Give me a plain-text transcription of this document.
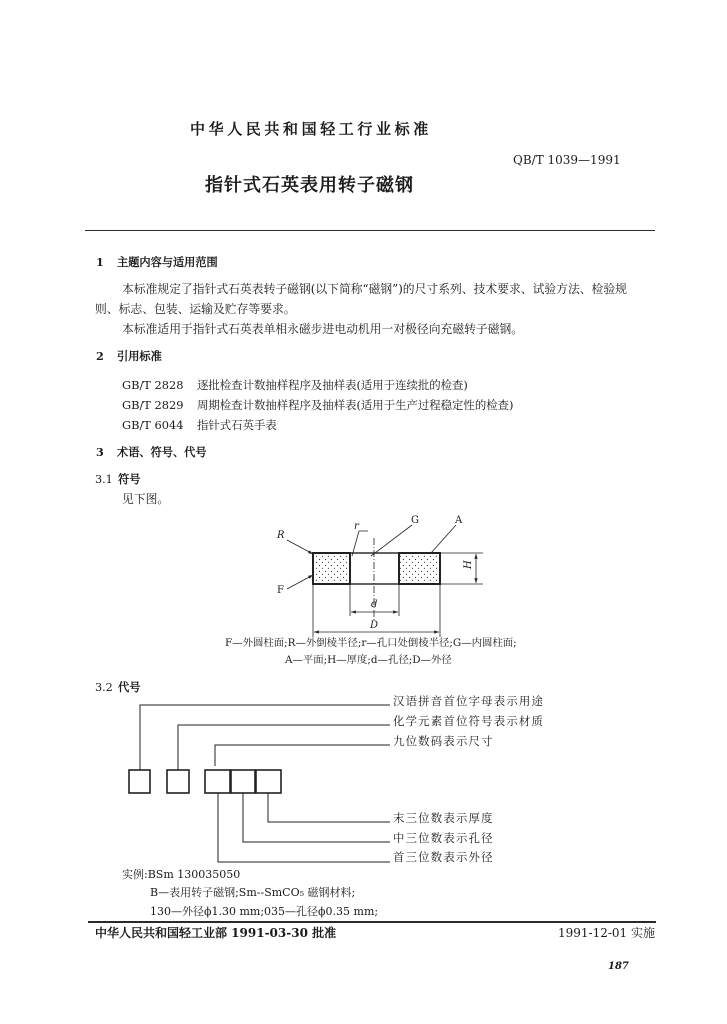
中华人民共和国轻工行业标准
QB/T 1039—1991
指针式石英表用转子磁钢
1 主题内容与适用范围
本标准规定了指针式石英表转子磁钢(以下简称“磁钢”)的尺寸系列、技术要求、试验方法、检验规
则、标志、包装、运输及贮存等要求。
本标准适用于指针式石英表单相永磁步进电动机用一对极径向充磁转子磁钢。
2 引用标准
GB/T 2828 逐批检查计数抽样程序及抽样表(适用于连续批的检查)
GB/T 2829 周期检查计数抽样程序及抽样表(适用于生产过程稳定性的检查)
GB/T 6044 指针式石英手表
3 术语、符号、代号
3.1 符号
见下图。
F—外圆柱面;R—外倒棱半径;r—孔口处倒棱半径;G—内圆柱面;
A—平面;H—厚度;d—孔径;D—外径
3.2 代号
汉语拼音首位字母表示用途
化学元素首位符号表示材质
九位数码表示尺寸
末三位数表示厚度
中三位数表示孔径
首三位数表示外径
实例:BSm 130035050
B—表用转子磁钢;Sm--SmCO₅ 磁钢材料;
130—外径ϕ1.30 mm;035—孔径ϕ0.35 mm;
中华人民共和国轻工业部 1991-03-30 批准	1991-12-01 实施
187
R
r
G	A
F
H
d
D
